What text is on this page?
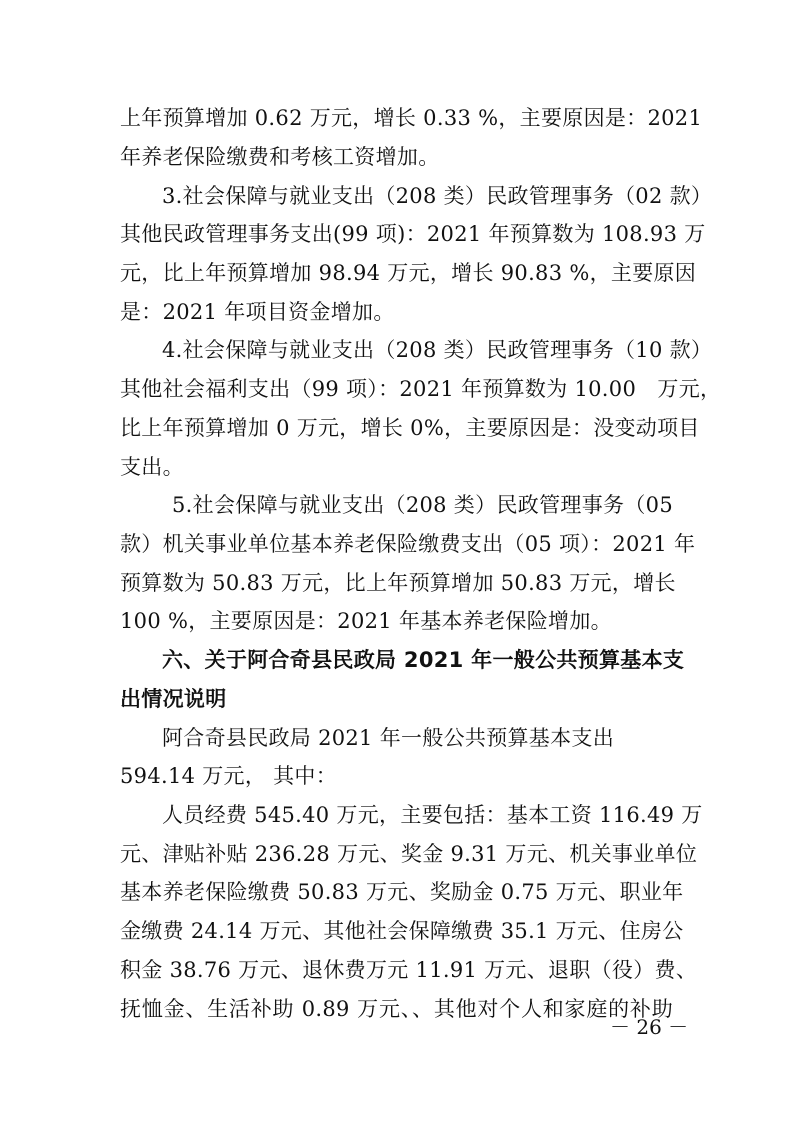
上年预算增加 0.62 万元，增长 0.33 %，主要原因是：2021
年养老保险缴费和考核工资增加。
3.社会保障与就业支出（208 类）民政管理事务（02 款）
其他民政管理事务支出(99 项)：2021 年预算数为 108.93 万
元，比上年预算增加 98.94 万元，增长 90.83 %，主要原因
是：2021 年项目资金增加。
4.社会保障与就业支出（208 类）民政管理事务（10 款）
其他社会福利支出（99 项）：2021 年预算数为 10.00　万元，
比上年预算增加 0 万元，增长 0%，主要原因是：没变动项目
支出。
5.社会保障与就业支出（208 类）民政管理事务（05
款）机关事业单位基本养老保险缴费支出（05 项）：2021 年
预算数为 50.83 万元，比上年预算增加 50.83 万元，增长
100 %，主要原因是：2021 年基本养老保险增加。
六、关于阿合奇县民政局 2021 年一般公共预算基本支
出情况说明
阿合奇县民政局 2021 年一般公共预算基本支出
594.14 万元， 其中：
人员经费 545.40 万元，主要包括：基本工资 116.49 万
元、津贴补贴 236.28 万元、奖金 9.31 万元、机关事业单位
基本养老保险缴费 50.83 万元、奖励金 0.75 万元、职业年
金缴费 24.14 万元、其他社会保障缴费 35.1 万元、住房公
积金 38.76 万元、退休费万元 11.91 万元、退职（役）费、
抚恤金、生活补助 0.89 万元、、其他对个人和家庭的补助
－ 26 －
